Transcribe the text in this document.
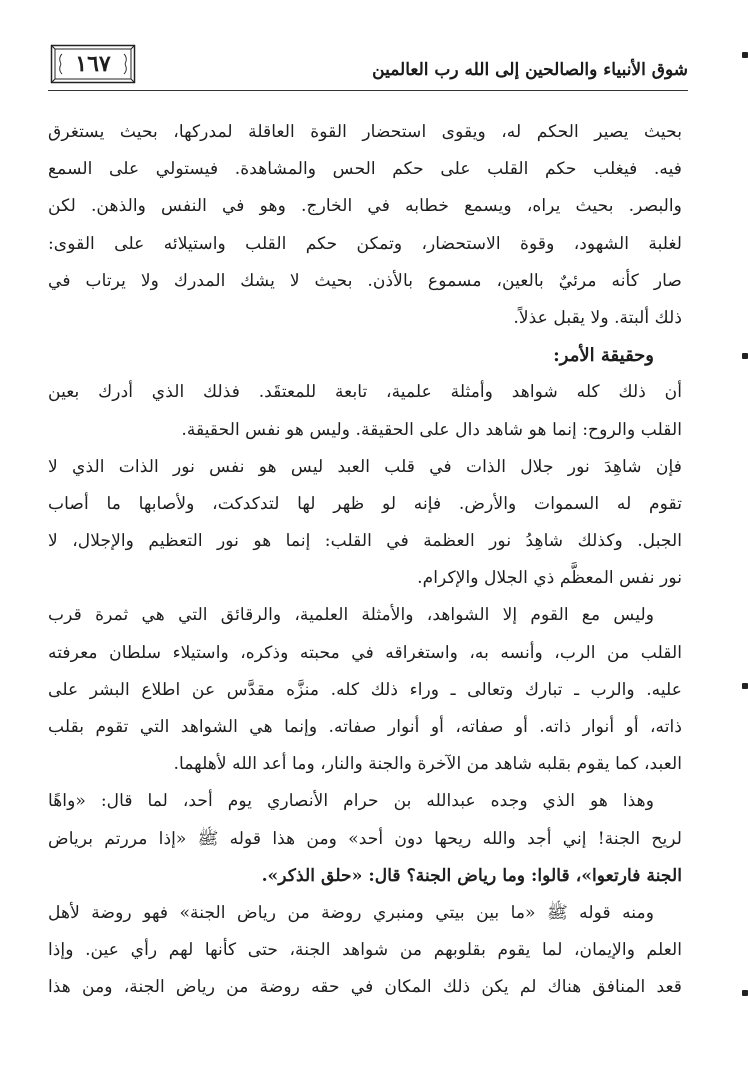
شوق الأنبياء والصالحين إلى الله رب العالمين
١٦٧
بحيث يصير الحكم له، ويقوى استحضار القوة العاقلة لمدركها، بحيث يستغرق
فيه. فيغلب حكم القلب على حكم الحس والمشاهدة. فيستولي على السمع
والبصر. بحيث يراه، ويسمع خطابه في الخارج. وهو في النفس والذهن. لكن
لغلبة الشهود، وقوة الاستحضار، وتمكن حكم القلب واستيلائه على القوى:
صار كأنه مرئيٌ بالعين، مسموع بالأذن. بحيث لا يشك المدرك ولا يرتاب في
ذلك ألبتة. ولا يقبل عذلاً.
وحقيقة الأمر:
أن ذلك كله شواهد وأمثلة علمية، تابعة للمعتقَد. فذلك الذي أدرك بعين
القلب والروح: إنما هو شاهد دال على الحقيقة. وليس هو نفس الحقيقة.
فإن شاهِدَ نور جلال الذات في قلب العبد ليس هو نفس نور الذات الذي لا
تقوم له السموات والأرض. فإنه لو ظهر لها لتدكدكت، ولأصابها ما أصاب
الجبل. وكذلك شاهِدُ نور العظمة في القلب: إنما هو نور التعظيم والإجلال، لا
نور نفس المعظَّم ذي الجلال والإكرام.
وليس مع القوم إلا الشواهد، والأمثلة العلمية، والرقائق التي هي ثمرة قرب
القلب من الرب، وأنسه به، واستغراقه في محبته وذكره، واستيلاء سلطان معرفته
عليه. والرب ـ تبارك وتعالى ـ وراء ذلك كله. منزَّه مقدَّس عن اطلاع البشر على
ذاته، أو أنوار ذاته. أو صفاته، أو أنوار صفاته. وإنما هي الشواهد التي تقوم بقلب
العبد، كما يقوم بقلبه شاهد من الآخرة والجنة والنار، وما أعد الله لأهلهما.
وهذا هو الذي وجده عبدالله بن حرام الأنصاري يوم أحد، لما قال: «واهًا
لريح الجنة! إني أجد والله ريحها دون أحد» ومن هذا قوله ﷺ «إذا مررتم برياض
الجنة فارتعوا»، قالوا: وما رياض الجنة؟ قال: «حلق الذكر».
ومنه قوله ﷺ «ما بين بيتي ومنبري روضة من رياض الجنة» فهو روضة لأهل
العلم والإيمان، لما يقوم بقلوبهم من شواهد الجنة، حتى كأنها لهم رأي عين. وإذا
قعد المنافق هناك لم يكن ذلك المكان في حقه روضة من رياض الجنة، ومن هذا
